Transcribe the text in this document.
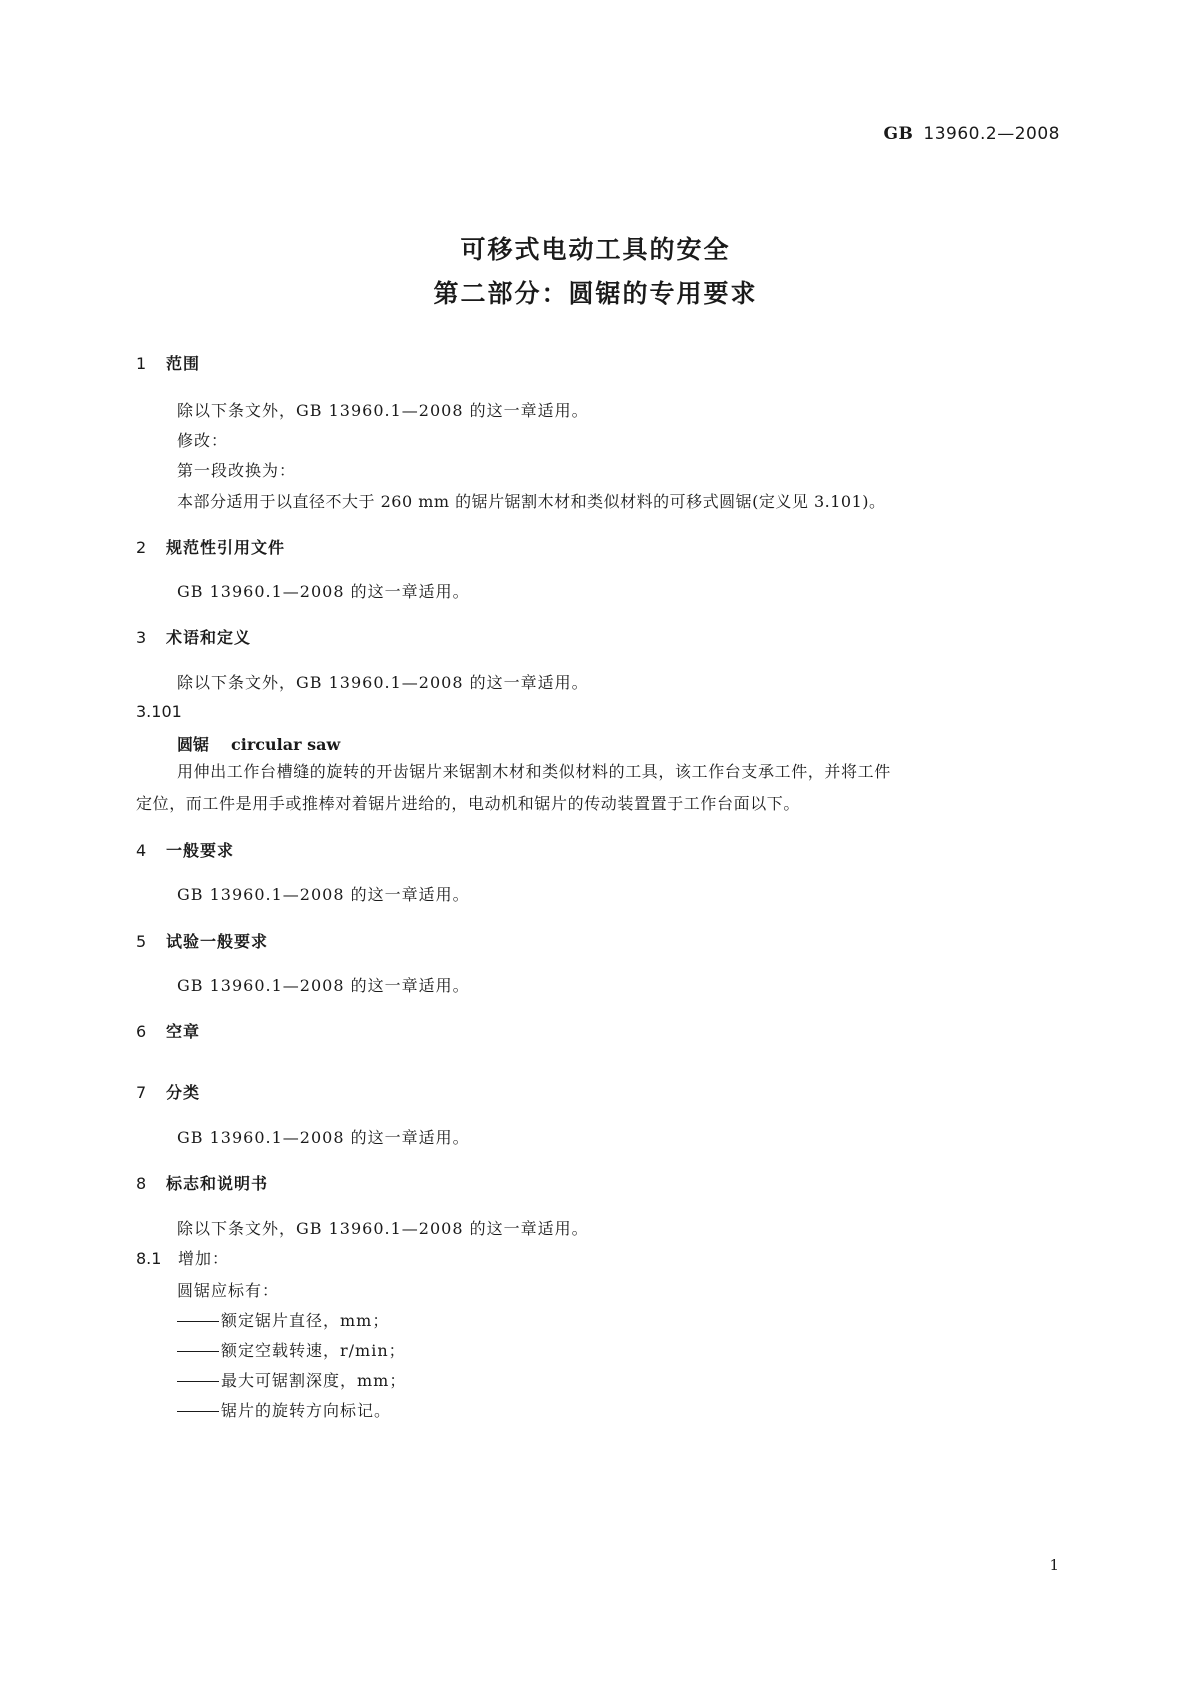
GB 13960.2—2008
可移式电动工具的安全
第二部分：圆锯的专用要求
1 范围
除以下条文外，GB 13960.1—2008 的这一章适用。
修改：
第一段改换为：
本部分适用于以直径不大于 260 mm 的锯片锯割木材和类似材料的可移式圆锯(定义见 3.101)。
2 规范性引用文件
GB 13960.1—2008 的这一章适用。
3 术语和定义
除以下条文外，GB 13960.1—2008 的这一章适用。
3.101
圆锯 circular saw
用伸出工作台槽缝的旋转的开齿锯片来锯割木材和类似材料的工具，该工作台支承工件，并将工件
定位，而工件是用手或推棒对着锯片进给的，电动机和锯片的传动装置置于工作台面以下。
4 一般要求
GB 13960.1—2008 的这一章适用。
5 试验一般要求
GB 13960.1—2008 的这一章适用。
6 空章
7 分类
GB 13960.1—2008 的这一章适用。
8 标志和说明书
除以下条文外，GB 13960.1—2008 的这一章适用。
8.1 增加：
圆锯应标有：
额定锯片直径，mm；
额定空载转速，r/min；
最大可锯割深度，mm；
锯片的旋转方向标记。
1
